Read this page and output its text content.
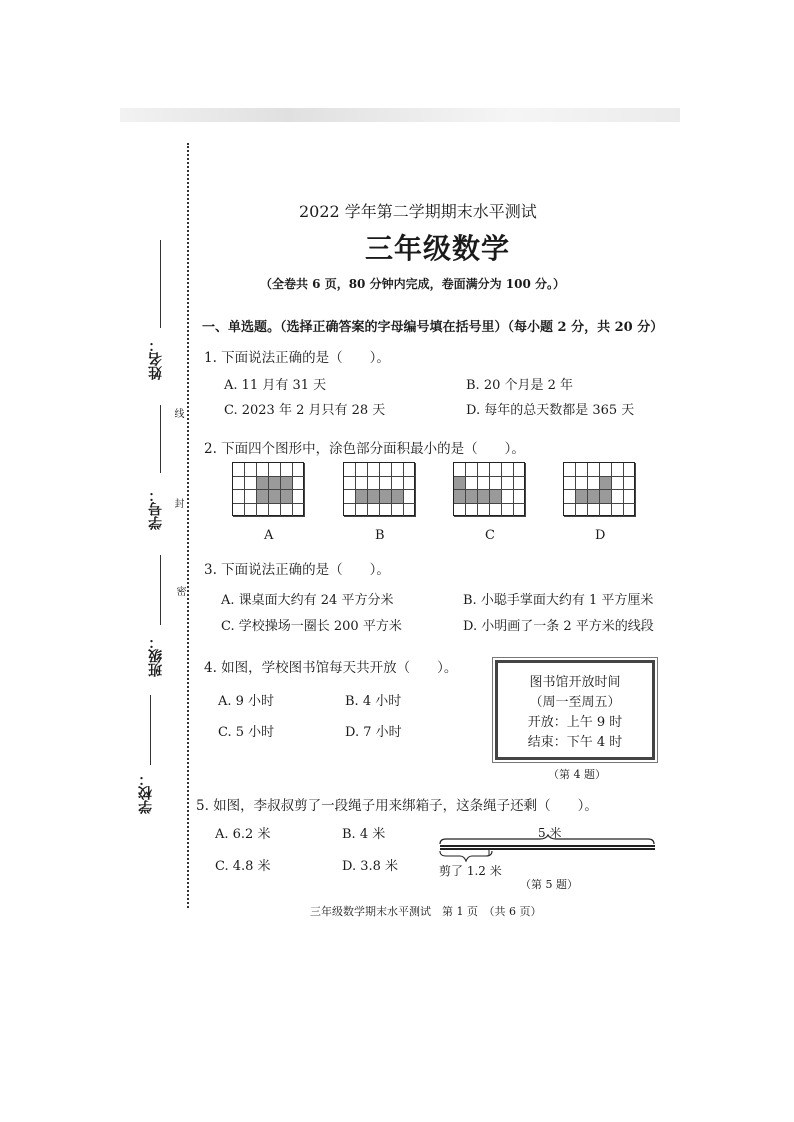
姓名：
学号：
班级：
学校：
线
封
密
2022 学年第二学期期末水平测试
三年级数学
（全卷共 6 页，80 分钟内完成，卷面满分为 100 分。）
一、单选题。（选择正确答案的字母编号填在括号里）（每小题 2 分，共 20 分）
1. 下面说法正确的是（　　）。
A. 11 月有 31 天	B. 20 个月是 2 年
C. 2023 年 2 月只有 28 天	D. 每年的总天数都是 365 天
2. 下面四个图形中，涂色部分面积最小的是（　　）。
A	B	C	D
3. 下面说法正确的是（　　）。
A. 课桌面大约有 24 平方分米	B. 小聪手掌面大约有 1 平方厘米
C. 学校操场一圈长 200 平方米	D. 小明画了一条 2 平方米的线段
4. 如图，学校图书馆每天共开放（　　）。
A. 9 小时	B. 4 小时
C. 5 小时	D. 7 小时
图书馆开放时间
（周一至周五）
开放：上午 9 时
结束：下午 4 时
（第 4 题）
5. 如图，李叔叔剪了一段绳子用来绑箱子，这条绳子还剩（　　）。
A. 6.2 米	B. 4 米
C. 4.8 米	D. 3.8 米
5 米
剪了 1.2 米
（第 5 题）
三年级数学期末水平测试　第 1 页　（共 6 页）
